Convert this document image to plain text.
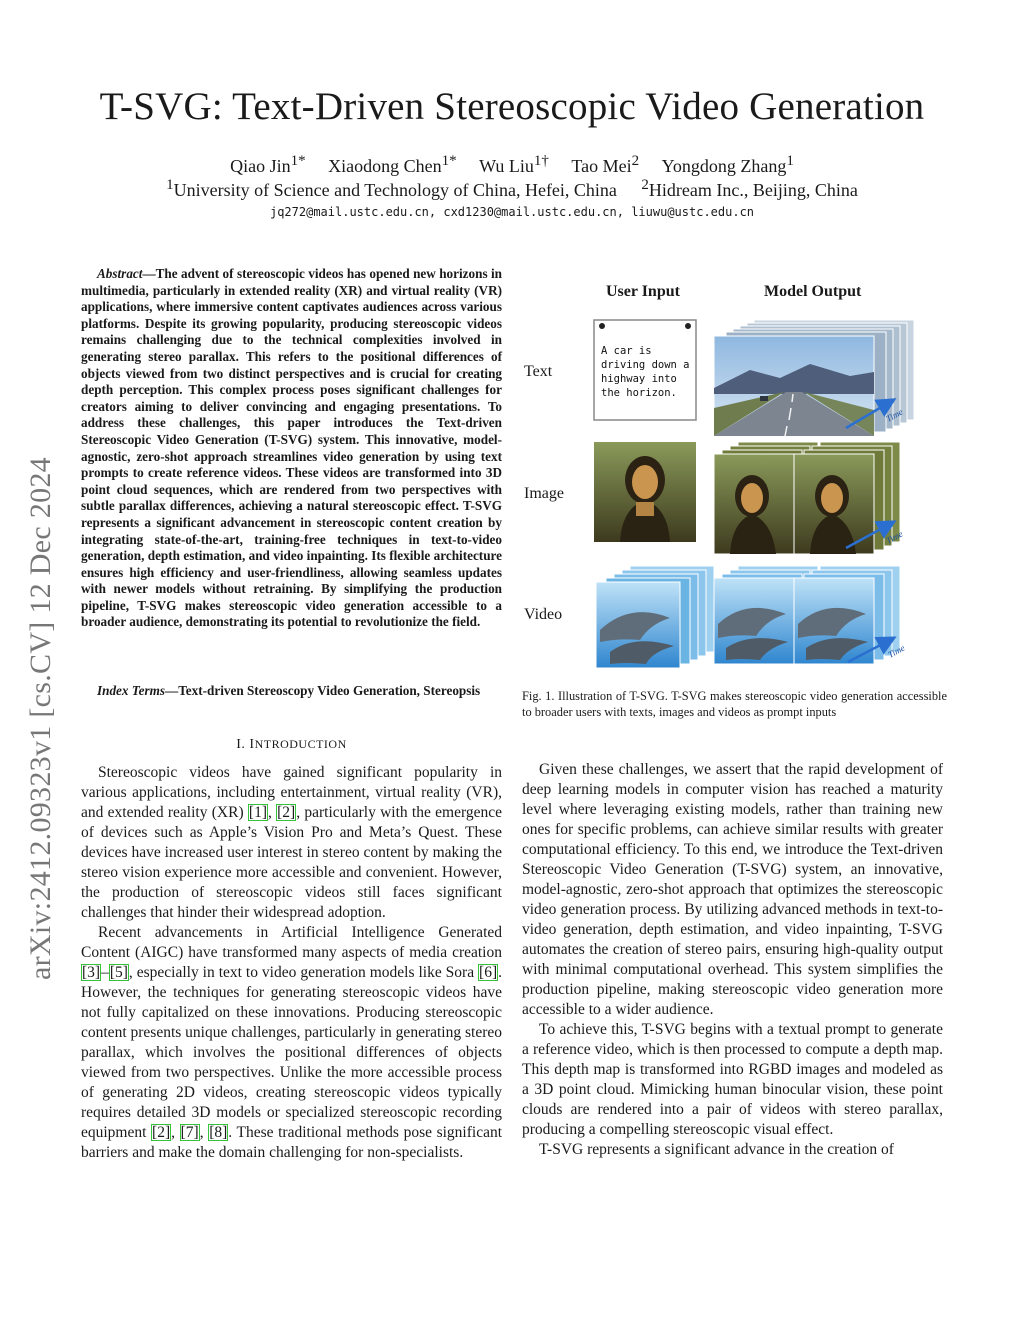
arXiv:2412.09323v1 [cs.CV] 12 Dec 2024
T-SVG: Text-Driven Stereoscopic Video Generation
Qiao Jin$^{1*}$ Xiaodong Chen$^{1*}$ Wu Liu$^{1\dagger}$ Tao Mei$^2$ Yongdong Zhang$^1$
$^1$University of Science and Technology of China, Hefei, China $^2$Hidream Inc., Beijing, China
jq272@mail.ustc.edu.cn, cxd1230@mail.ustc.edu.cn, liuwu@ustc.edu.cn

Abstract—The advent of stereoscopic videos has opened new horizons in multimedia, particularly in extended reality (XR) and virtual reality (VR) applications, where immersive content captivates audiences across various platforms. Despite its growing popularity, producing stereoscopic videos remains challenging due to the technical complexities involved in generating stereo parallax. This refers to the positional differences of objects viewed from two distinct perspectives and is crucial for creating depth perception. This complex process poses significant challenges for creators aiming to deliver convincing and engaging presentations. To address these challenges, this paper introduces the Text-driven Stereoscopic Video Generation (T-SVG) system. This innovative, model-agnostic, zero-shot approach streamlines video generation by using text prompts to create reference videos. These videos are transformed into 3D point cloud sequences, which are rendered from two perspectives with subtle parallax differences, achieving a natural stereoscopic effect. T-SVG represents a significant advancement in stereoscopic content creation by integrating state-of-the-art, training-free techniques in text-to-video generation, depth estimation, and video inpainting. Its flexible architecture ensures high efficiency and user-friendliness, allowing seamless updates with newer models without retraining. By simplifying the production pipeline, T-SVG makes stereoscopic video generation accessible to a broader audience, demonstrating its potential to revolutionize the field.

Index Terms—Text-driven Stereoscopy Video Generation, Stereopsis

I. INTRODUCTION

Stereoscopic videos have gained significant popularity in various applications, including entertainment, virtual reality (VR), and extended reality (XR) [1], [2], particularly with the emergence of devices such as Apple’s Vision Pro and Meta’s Quest. These devices have increased user interest in stereo content by making the stereo vision experience more accessible and convenient. However, the production of stereoscopic videos still faces significant challenges that hinder their widespread adoption.

Recent advancements in Artificial Intelligence Generated Content (AIGC) have transformed many aspects of media creation [3]–[5], especially in text to video generation models like Sora [6]. However, the techniques for generating stereoscopic videos have not fully capitalized on these innovations. Producing stereoscopic content presents unique challenges, particularly in generating stereo parallax, which involves the positional differences of objects viewed from two perspectives. Unlike the more accessible process of generating 2D videos, creating stereoscopic videos typically requires detailed 3D models or specialized stereoscopic recording equipment [2], [7], [8]. These traditional methods pose significant barriers and make the domain challenging for non-specialists.

Given these challenges, we assert that the rapid development of deep learning models in computer vision has reached a maturity level where leveraging existing models, rather than training new ones for specific problems, can achieve similar results with greater computational efficiency. To this end, we introduce the Text-driven Stereoscopic Video Generation (T-SVG) system, an innovative, model-agnostic, zero-shot approach that optimizes the stereoscopic video generation process. By utilizing advanced methods in text-to-video generation, depth estimation, and video inpainting, T-SVG automates the creation of stereo pairs, ensuring high-quality output with minimal computational overhead. This system simplifies the production pipeline, making stereoscopic video generation more accessible to a wider audience.

To achieve this, T-SVG begins with a textual prompt to generate a reference video, which is then processed to compute a depth map. This depth map is transformed into RGBD images and modeled as a 3D point cloud. Mimicking human binocular vision, these point clouds are rendered into a pair of videos with stereo parallax, producing a compelling stereoscopic visual effect.

T-SVG represents a significant advance in the creation of

User Input	Model Output
Text
Image
Video
A car is
driving down a
highway into
the horizon.
Time
Time
Time

Fig. 1. Illustration of T-SVG. T-SVG makes stereoscopic video generation accessible to broader users with texts, images and videos as prompt inputs
